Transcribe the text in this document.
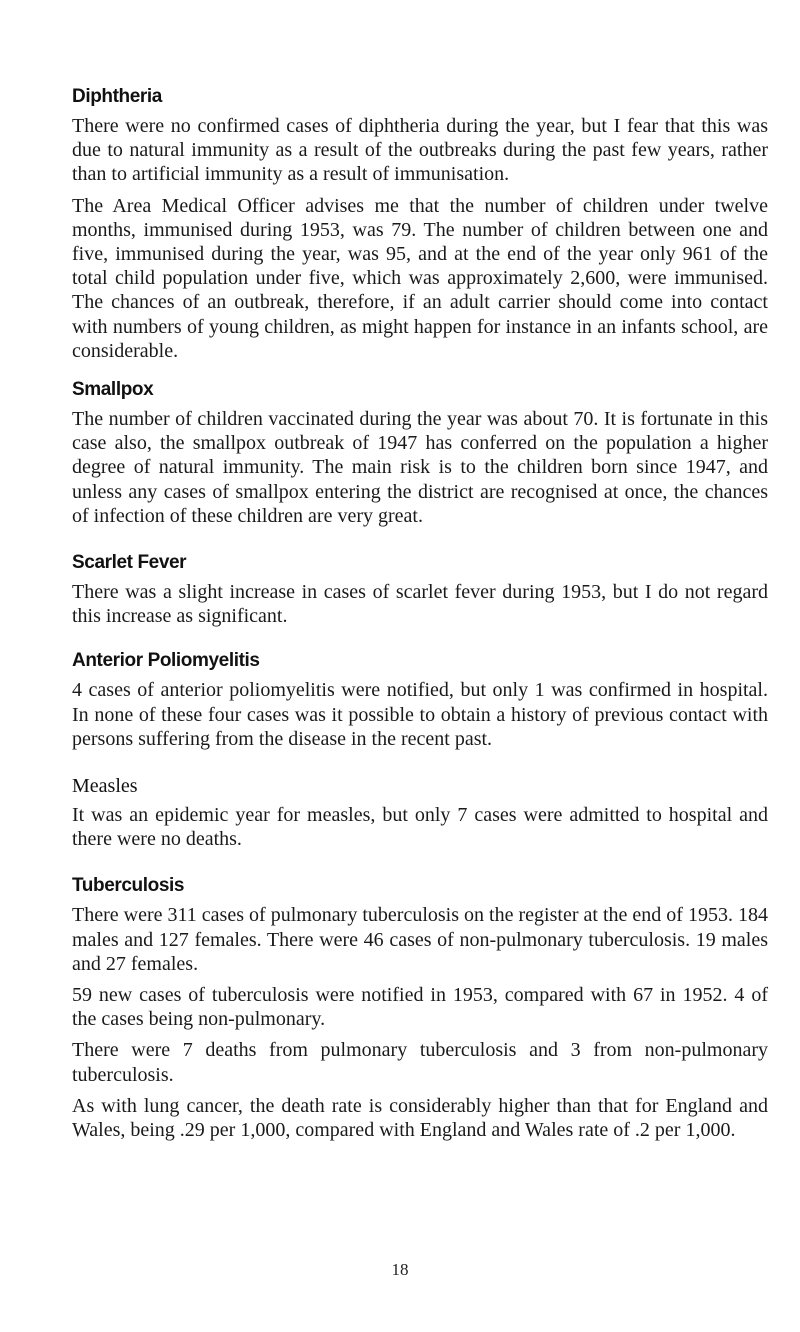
Diphtheria

There were no confirmed cases of diphtheria during the year, but I fear that this was due to natural immunity as a result of the outbreaks during the past few years, rather than to artificial immunity as a result of immunisation.

The Area Medical Officer advises me that the number of children under twelve months, immunised during 1953, was 79. The number of children between one and five, immunised during the year, was 95, and at the end of the year only 961 of the total child population under five, which was approximately 2,600, were immunised. The chances of an outbreak, therefore, if an adult carrier should come into contact with numbers of young children, as might happen for instance in an infants school, are considerable.

Smallpox

The number of children vaccinated during the year was about 70. It is fortunate in this case also, the smallpox outbreak of 1947 has conferred on the population a higher degree of natural immunity. The main risk is to the children born since 1947, and unless any cases of smallpox entering the district are recognised at once, the chances of infection of these children are very great.

Scarlet Fever

There was a slight increase in cases of scarlet fever during 1953, but I do not regard this increase as significant.

Anterior Poliomyelitis

4 cases of anterior poliomyelitis were notified, but only 1 was confirmed in hospital. In none of these four cases was it possible to obtain a history of previous contact with persons suffering from the disease in the recent past.

Measles

It was an epidemic year for measles, but only 7 cases were admitted to hospital and there were no deaths.

Tuberculosis

There were 311 cases of pulmonary tuberculosis on the register at the end of 1953. 184 males and 127 females. There were 46 cases of non-pulmonary tuberculosis. 19 males and 27 females.

59 new cases of tuberculosis were notified in 1953, compared with 67 in 1952. 4 of the cases being non-pulmonary.

There were 7 deaths from pulmonary tuberculosis and 3 from non-pulmonary tuberculosis.

As with lung cancer, the death rate is considerably higher than that for England and Wales, being .29 per 1,000, compared with England and Wales rate of .2 per 1,000.

18
